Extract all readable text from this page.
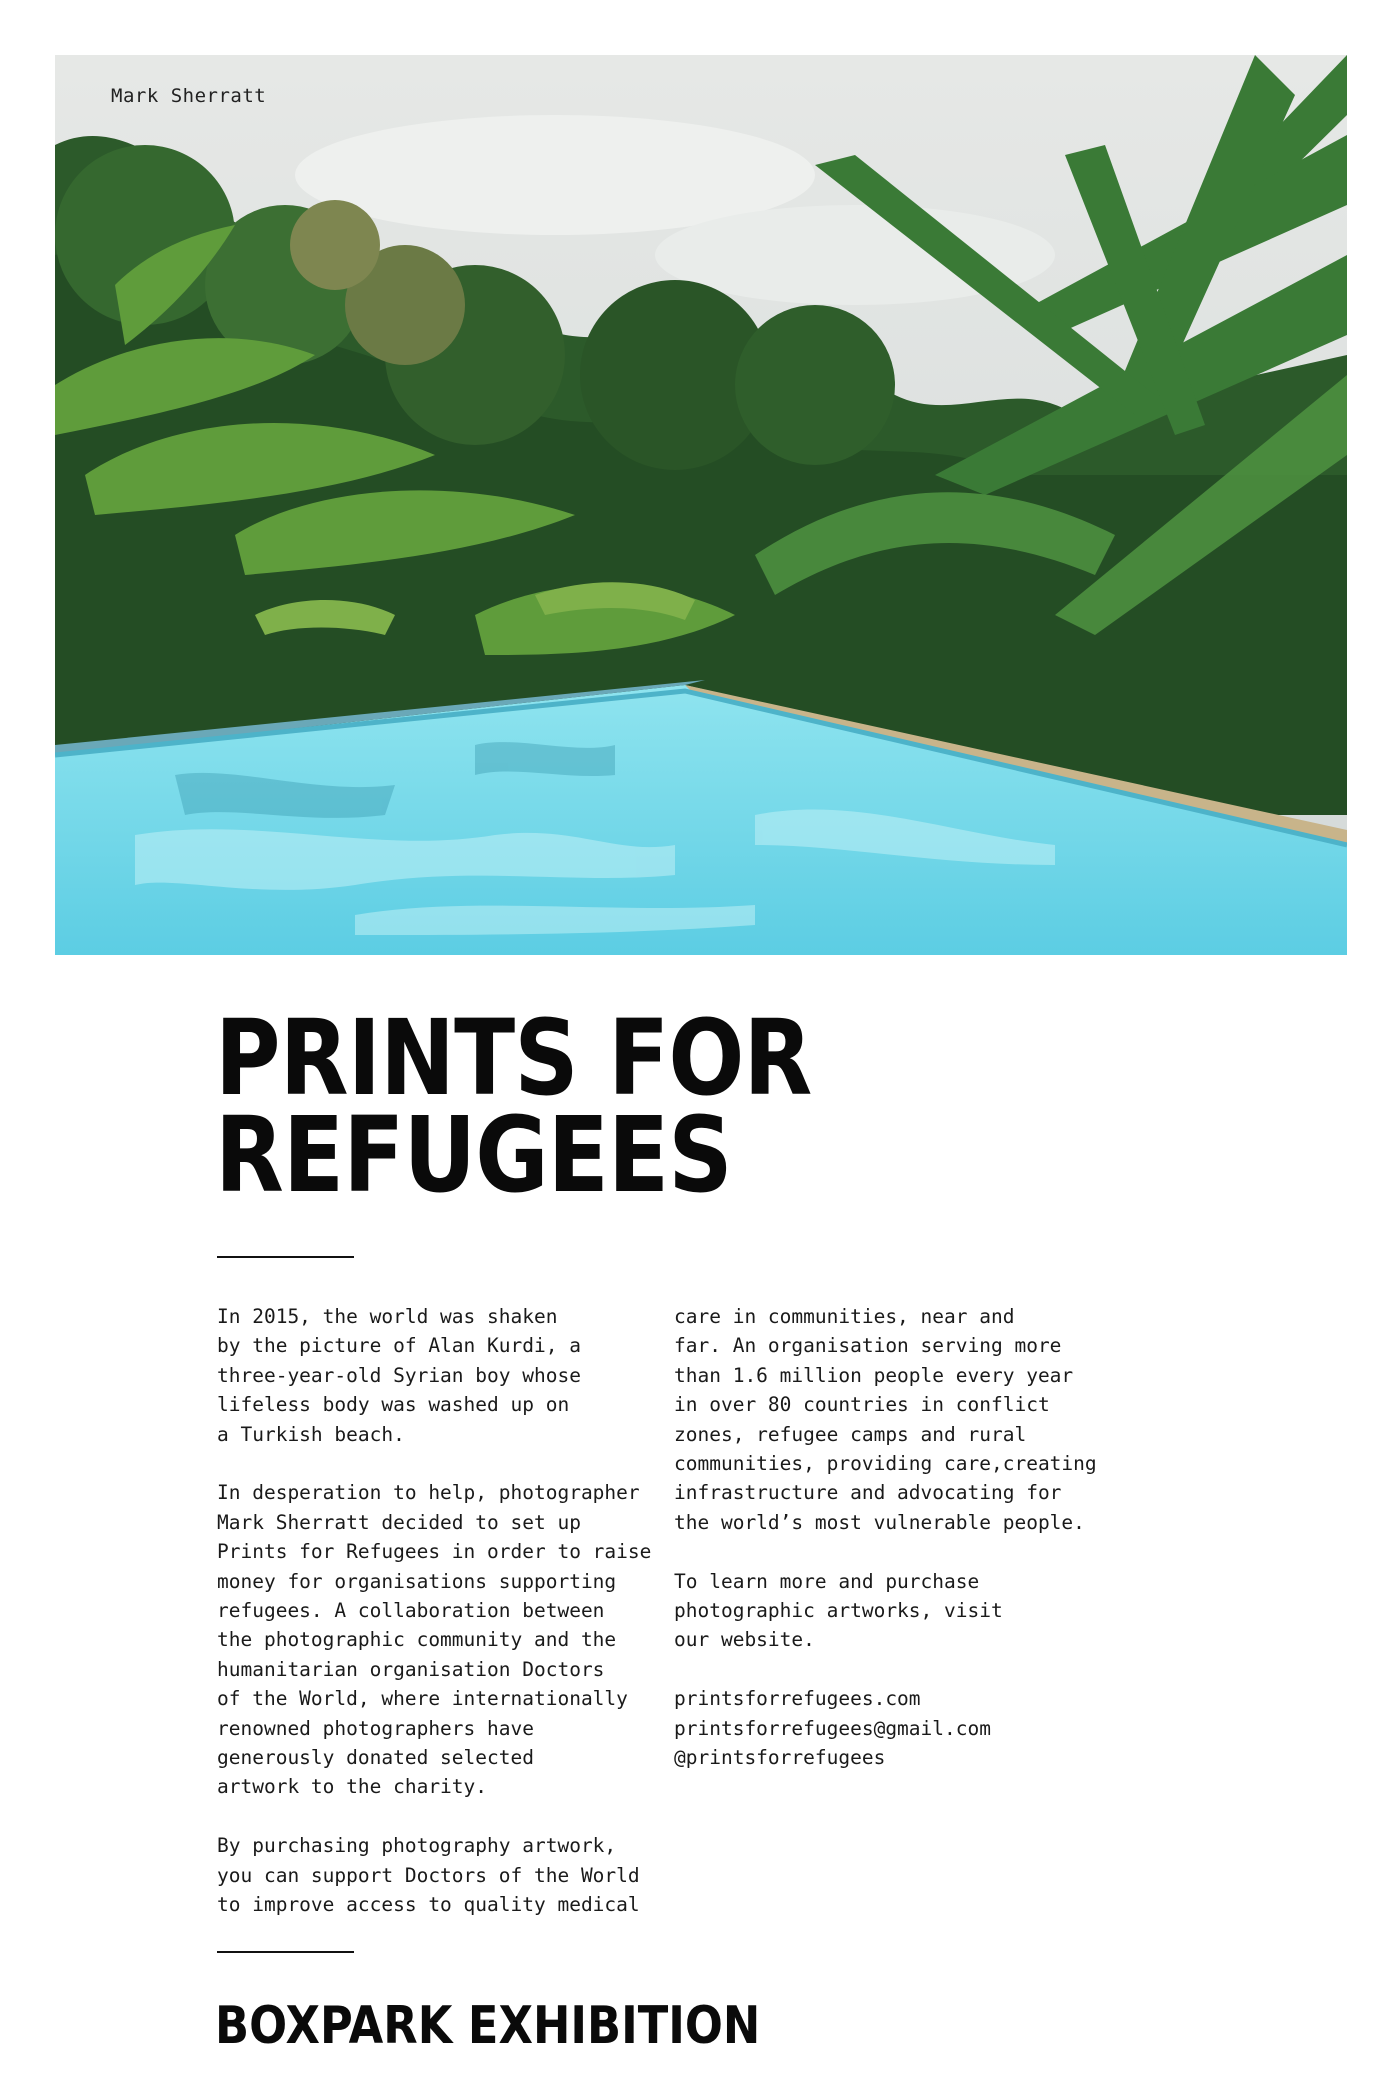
Mark Sherratt
PRINTS FOR
REFUGEES

In 2015, the world was shaken
by the picture of Alan Kurdi, a
three-year-old Syrian boy whose
lifeless body was washed up on
a Turkish beach.

In desperation to help, photographer
Mark Sherratt decided to set up
Prints for Refugees in order to raise
money for organisations supporting
refugees. A collaboration between
the photographic community and the
humanitarian organisation Doctors
of the World, where internationally
renowned photographers have
generously donated selected
artwork to the charity.

By purchasing photography artwork,
you can support Doctors of the World
to improve access to quality medical

care in communities, near and
far. An organisation serving more
than 1.6 million people every year
in over 80 countries in conflict
zones, refugee camps and rural
communities, providing care,creating
infrastructure and advocating for
the world’s most vulnerable people.

To learn more and purchase
photographic artworks, visit
our website.

printsforrefugees.com
printsforrefugees@gmail.com
@printsforrefugees
BOXPARK EXHIBITION
